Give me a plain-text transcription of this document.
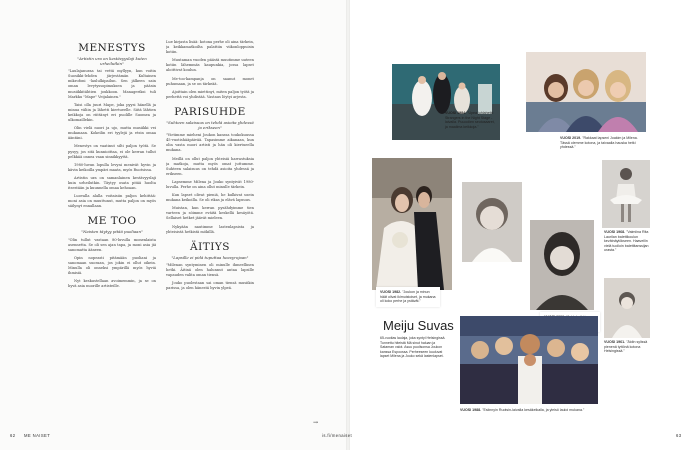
MENESTYS

"Artistin ura on kestävyyslaji kuten urheilutkin"

"Laulajanuraa tai vettä myllyyn, kun voitin Suosikki-lehden järjestämän Kultainen mikrofoni -laululkipailun. Sen jälkeen sain oman levytyssopimuksen ja pääsin musiikkitähtien joukkoon. Manageriksi tuli Markku "Mape" Veijalainen."

Taisi olla juuri Mape, joka pyysi hänellä ja minua väliin ja lähetti kiertueelle. Siitä lähtien keikkoja on riittänyt eri puolille Suomea ja ulkomaillekin.

Olin vielä nuori ja ujo, mutta musiikki vei mukanaan. Kokeilin eri tyylejä ja etsin omaa ääntäni.

Menestys on vaatinut silti paljon työtä. Se pysyy, jos sitä kunnioittaa, ei ole kerran tullut pelkkää onnea vaan sinnikkyyttä.

1980-luvun lopulla levyni menivät hyvin ja kävin keikoilla ympäri maata, myös Ruotsissa.

Artistin ura on samanlainen kestävyyslaji kuin urheilutkin. Täytyy osata pitää huolta itsestään ja kuunnella omaa kehoaan.

Luovalla alalla voitaisiin paljon kehittää: moni asia on muuttunut, mutta paljon on myös säilynyt ennallaan.

ME TOO

"Naisten täytyy pitää puoliaan"

"Olin tullut vastaan 80-luvulla monenlaista asennetta. Se oli sen ajan tapa, ja moni asia jäi sanomatta ääneen.

Opin nopeasti pitämään puoliani ja sanomaan suoraan, jos jokin ei ollut oikein. Minulla oli onneksi ympärillä myös hyviä ihmisiä.

Nyt keskustellaan avoimemmin, ja se on hyvä asia nuorille artisteille.

Lue kirjasta lisää: kotona perhe oli aina tärkein, ja keikkamatkoilta palattiin viikonloppuisin kotiin.

Muutaman vuoden päästä muutimme uuteen kotiin lähemmäs kaupunkia, jossa lapset aloittivat koulun.

Me-too-kampanja on saanut monet puhumaan, ja se on tärkeää.

Ajoittain olen miettinyt, miten paljon työtä ja perhettä voi yhdistää. Vastaus löytyi arjesta.

PARISUHDE

"Suhteen salaisuus on tehdä asioita yhdessä ja erikseen"

"Vietimme mieheni Joukon kanssa toukokuussa 45-vuotishääpäivää. Tapasimme aikanaan, kun olin vasta nuori artisti ja hän oli kiertueella mukana.

Meillä on ollut paljon yhteisiä harrastuksia ja matkoja, mutta myös omat juttumme. Suhteen salaisuus on tehdä asioita yhdessä ja erikseen.

Lapsemme Milena ja Jouko syntyivät 1980-luvulla. Perhe on aina ollut minulle tärkein.

Kun lapset olivat pieniä, he kulkivat usein mukana keikoilla. Se oli rikas ja elävä lapsuus.

Muistan, kun kerran pysähdyimme tien varteen ja söimme eväitä keskellä kesäyötä. Sellaiset hetket jäävät mieleen.

Nykyään nautimme lastenlapsista ja yhteisistä hetkistä mökillä.

ÄITIYS

"Lapsille ei pidä tuputtaa heavyrojaan"

"Milenan syntyminen oli minulle ihmeellinen hetki. Äitinä olen halunnut antaa lapsille vapauden valita oman tiensä.

Jouko puolestaan sai oman tiensä musiikin parissa, ja olen hänestä hyvin ylpeä.

→
VUOSI 1982. "Joukon ja minun häät olivat ikimuistoiset, ja mukana oli koko perhe ja ystävät."
VUOSI 1984. "Upea juhlahetki Strangers in the Night Stage -laivalla. Puuoolien seutusaaret, ja maailma keikkoja."
VUOSI 2019. "Rakkaat lapseni Joakim ja Milena. Tässä olemme kotona, ja taivaalla hauska hetki yhdessä."
VUOSI 1968. "Valmiina Rita Laurilan balettikoulun kevätnäytökseen. Haaveilin vielä tuolloin balettitanssijan urasta."
VUOSI 1961. "Äidin sylissä pienenä tyttönä kotona Helsingissä."
VUOSI 1988. "Esiinnyin Ruotsin-laivalla kesäkeikalla, ja yleisö lauloi mukana."
Meiju Suvas
65-vuotias laulaja, joka syntyi Helsingissä. Tunnettu hiteistä Mä sinut haluan ja Sataman valot. Asuu puolisonsa Joukon kanssa Espoossa. Perheeseen kuuluvat lapset Milena ja Jouko sekä lastenlapset.
62 ME NAISET	is.fi/menaiset	63
